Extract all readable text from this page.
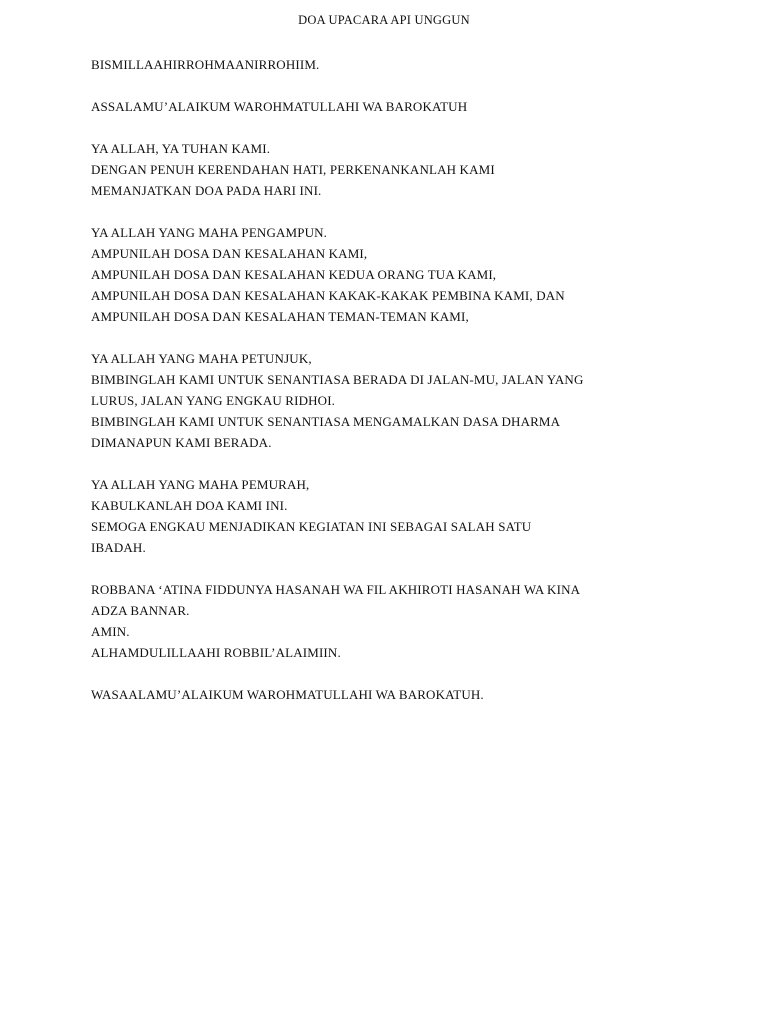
DOA UPACARA API UNGGUN
BISMILLAAHIRROHMAANIRROHIIM.
ASSALAMU’ALAIKUM WAROHMATULLAHI WA BAROKATUH
YA ALLAH, YA TUHAN KAMI.
DENGAN PENUH KERENDAHAN HATI, PERKENANKANLAH KAMI
MEMANJATKAN DOA PADA HARI INI.
YA ALLAH YANG MAHA PENGAMPUN.
AMPUNILAH DOSA DAN KESALAHAN KAMI,
AMPUNILAH DOSA DAN KESALAHAN KEDUA ORANG TUA KAMI,
AMPUNILAH DOSA DAN KESALAHAN KAKAK-KAKAK PEMBINA KAMI, DAN
AMPUNILAH DOSA DAN KESALAHAN TEMAN-TEMAN KAMI,
YA ALLAH YANG MAHA PETUNJUK,
BIMBINGLAH KAMI UNTUK SENANTIASA BERADA DI JALAN-MU, JALAN YANG
LURUS, JALAN YANG ENGKAU RIDHOI.
BIMBINGLAH KAMI UNTUK SENANTIASA MENGAMALKAN DASA DHARMA
DIMANAPUN KAMI BERADA.
YA ALLAH YANG MAHA PEMURAH,
KABULKANLAH DOA KAMI INI.
SEMOGA ENGKAU MENJADIKAN KEGIATAN INI SEBAGAI SALAH SATU
IBADAH.
ROBBANA ‘ATINA FIDDUNYA HASANAH WA FIL AKHIROTI HASANAH WA KINA
ADZA BANNAR.
AMIN.
ALHAMDULILLAAHI ROBBIL’ALAIMIIN.
WASAALAMU’ALAIKUM WAROHMATULLAHI WA BAROKATUH.
